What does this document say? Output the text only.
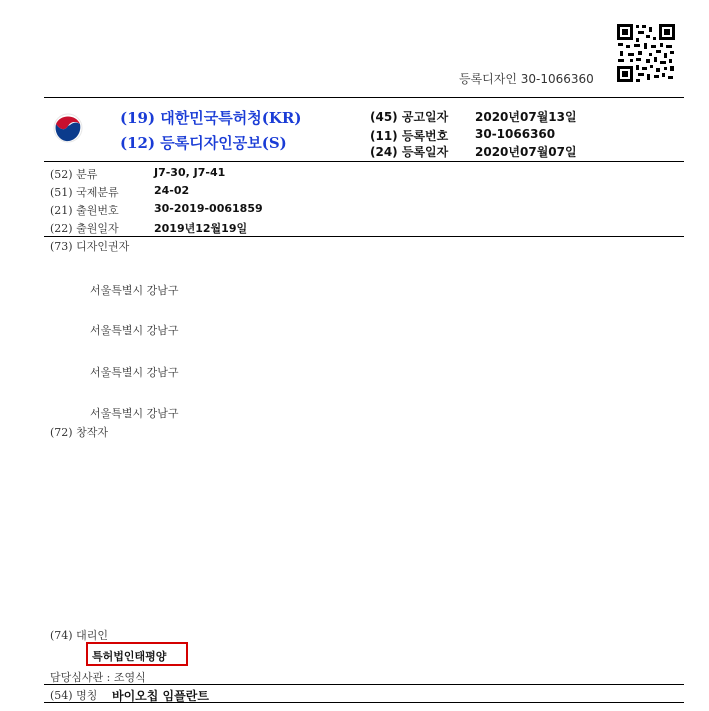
등록디자인 30-1066360
(19) 대한민국특허청(KR)
(12) 등록디자인공보(S)
(45) 공고일자 2020년07월13일
(11) 등록번호 30-1066360
(24) 등록일자 2020년07월07일
(52) 분류	J7-30, J7-41
(51) 국제분류	24-02
(21) 출원번호	30-2019-0061859
(22) 출원일자	2019년12월19일
(73) 디자인권자
서울특별시 강남구
서울특별시 강남구
서울특별시 강남구
서울특별시 강남구
(72) 창작자
(74) 대리인
특허법인태평양
담당심사관 : 조영식
(54) 명칭 바이오칩 임플란트
